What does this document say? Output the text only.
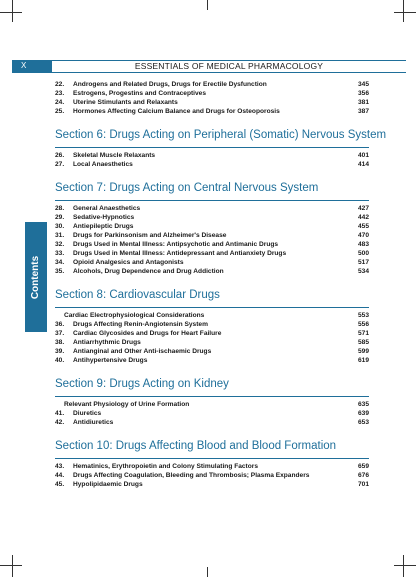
X	ESSENTIALS OF MEDICAL PHARMACOLOGY
Contents
22. Androgens and Related Drugs, Drugs for Erectile Dysfunction	345
23. Estrogens, Progestins and Contraceptives	356
24. Uterine Stimulants and Relaxants	381
25. Hormones Affecting Calcium Balance and Drugs for Osteoporosis	387
Section 6: Drugs Acting on Peripheral (Somatic) Nervous System
26. Skeletal Muscle Relaxants	401
27. Local Anaesthetics	414
Section 7: Drugs Acting on Central Nervous System
28. General Anaesthetics	427
29. Sedative-Hypnotics	442
30. Antiepileptic Drugs	455
31. Drugs for Parkinsonism and Alzheimer's Disease	470
32. Drugs Used in Mental Illness: Antipsychotic and Antimanic Drugs	483
33. Drugs Used in Mental Illness: Antidepressant and Antianxiety Drugs	500
34. Opioid Analgesics and Antagonists	517
35. Alcohols, Drug Dependence and Drug Addiction	534
Section 8: Cardiovascular Drugs
Cardiac Electrophysiological Considerations	553
36. Drugs Affecting Renin-Angiotensin System	556
37. Cardiac Glycosides and Drugs for Heart Failure	571
38. Antiarrhythmic Drugs	585
39. Antianginal and Other Anti-ischaemic Drugs	599
40. Antihypertensive Drugs	619
Section 9: Drugs Acting on Kidney
Relevant Physiology of Urine Formation	635
41. Diuretics	639
42. Antidiuretics	653
Section 10: Drugs Affecting Blood and Blood Formation
43. Hematinics, Erythropoietin and Colony Stimulating Factors	659
44. Drugs Affecting Coagulation, Bleeding and Thrombosis; Plasma Expanders	676
45. Hypolipidaemic Drugs	701
